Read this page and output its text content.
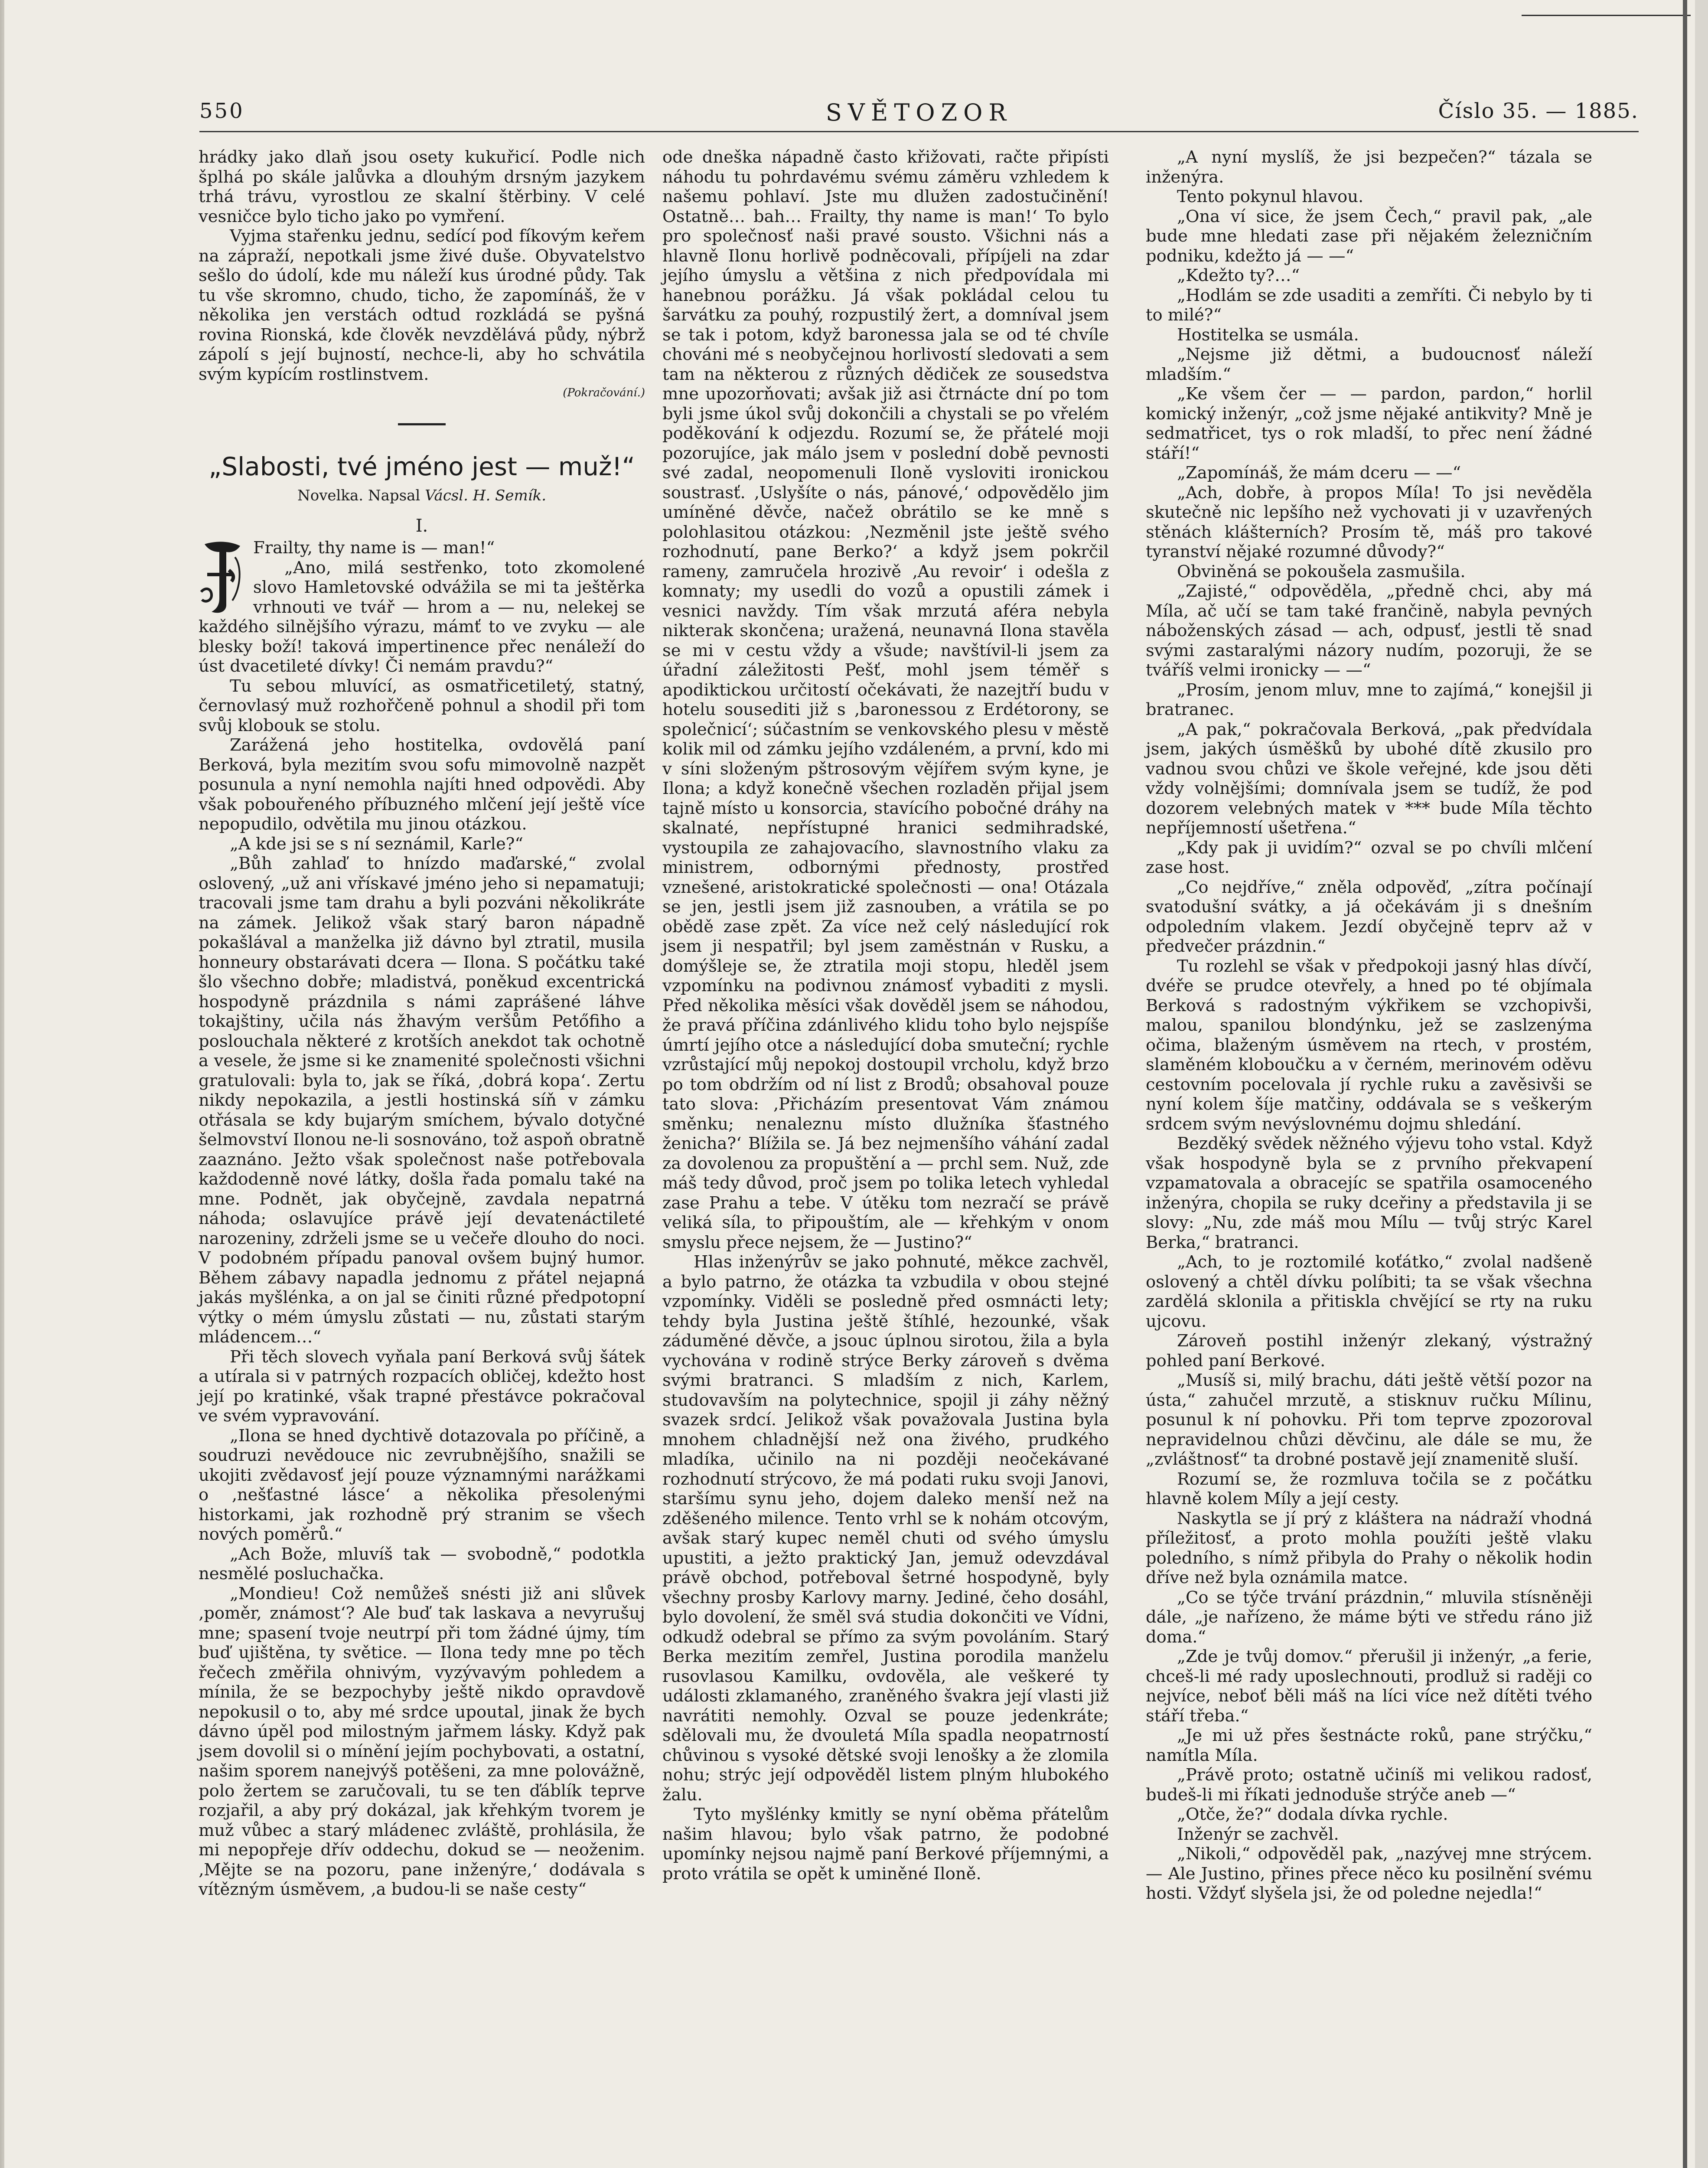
550	SVĚTOZOR	Číslo 35. — 1885.

hrádky jako dlaň jsou osety kukuřicí. Podle nich šplhá po skále jalůvka a dlouhým drsným jazykem trhá trávu, vyrostlou ze skalní štěrbiny. V celé vesničce bylo ticho jako po vymření.

Vyjma stařenku jednu, sedící pod fíkovým keřem na zápraží, nepotkali jsme živé duše. Obyvatelstvo sešlo do údolí, kde mu náleží kus úrodné půdy. Tak tu vše skromno, chudo, ticho, že zapomínáš, že v několika jen verstách odtud rozkládá se pyšná rovina Rionská, kde člověk nevzdělává půdy, nýbrž zápolí s její bujností, nechce-li, aby ho schvátila svým kypícím rostlinstvem.

(Pokračování.)
„Slabosti, tvé jméno jest — muž!“
Novelka. Napsal Vácsl. H. Semík.
I.

Frailty, thy name is — man!“

„Ano, milá sestřenko, toto zkomolené slovo Hamletovské odvážila se mi ta ještěrka vrhnouti ve tvář — hrom a — nu, nelekej se každého silnějšího výrazu, mámť to ve zvyku — ale blesky boží! taková impertinence přec nenáleží do úst dvacetileté dívky! Či nemám pravdu?“

Tu sebou mluvící, as osmatřicetiletý, statný, černovlasý muž rozhořčeně pohnul a shodil při tom svůj klobouk se stolu.

Zarážená jeho hostitelka, ovdovělá paní Berková, byla mezitím svou sofu mimovolně nazpět posunula a nyní nemohla najíti hned odpovědi. Aby však pobouřeného příbuzného mlčení její ještě více nepopudilo, odvětila mu jinou otázkou.

„A kde jsi se s ní seznámil, Karle?“

„Bůh zahlaď to hnízdo maďarské,“ zvolal oslovený, „už ani vřískavé jméno jeho si nepamatuji; tracovali jsme tam drahu a byli pozváni několikráte na zámek. Jelikož však starý baron nápadně pokašlával a manželka již dávno byl ztratil, musila honneury obstarávati dcera — Ilona. S počátku také šlo všechno dobře; mladistvá, poněkud excentrická hospodyně prázdnila s námi zaprášené láhve tokajštiny, učila nás žhavým veršům Petőfiho a poslouchala některé z krotších anekdot tak ochotně a vesele, že jsme si ke znamenité společnosti všichni gratulovali: byla to, jak se říká, ‚dobrá kopa‘. Zertu nikdy nepokazila, a jestli hostinská síň v zámku otřásala se kdy bujarým smíchem, bývalo dotyčné šelmovství Ilonou ne-li sosnováno, tož aspoň obratně zaaznáno. Ježto však společnost naše potřebovala každodenně nové látky, došla řada pomalu také na mne. Podnět, jak obyčejně, zavdala nepatrná náhoda; oslavujíce právě její devatenáctileté narozeniny, zdrželi jsme se u večeře dlouho do noci. V podobném případu panoval ovšem bujný humor. Během zábavy napadla jednomu z přátel nejapná jakás myšlénka, a on jal se činiti různé předpotopní výtky o mém úmyslu zůstati — nu, zůstati starým mládencem…“

Při těch slovech vyňala paní Berková svůj šátek a utírala si v patrných rozpacích obličej, kdežto host její po kratinké, však trapné přestávce pokračoval ve svém vypravování.

„Ilona se hned dychtivě dotazovala po příčině, a soudruzi nevědouce nic zevrubnějšího, snažili se ukojiti zvědavosť její pouze významnými narážkami o ‚nešťastné lásce‘ a několika přesolenými historkami, jak rozhodně prý stranim se všech nových poměrů.“

„Ach Bože, mluvíš tak — svobodně,“ podotkla nesmělé posluchačka.

„Mondieu! Což nemůžeš snésti již ani slůvek ‚poměr, známost‘? Ale buď tak laskava a nevyrušuj mne; spasení tvoje neutrpí při tom žádné újmy, tím buď ujištěna, ty světice. — Ilona tedy mne po těch řečech změřila ohnivým, vyzývavým pohledem a mínila, že se bezpochyby ještě nikdo opravdově nepokusil o to, aby mé srdce upoutal, jinak že bych dávno úpěl pod milostným jařmem lásky. Když pak jsem dovolil si o mínění jejím pochybovati, a ostatní, našim sporem nanejvýš potěšeni, za mne polovážně, polo žertem se zaručovali, tu se ten ďáblík teprve rozjařil, a aby prý dokázal, jak křehkým tvorem je muž vůbec a starý mládenec zvláště, prohlásila, že mi nepopřeje dřív oddechu, dokud se — neoženim. ‚Mějte se na pozoru, pane inženýre,‘ dodávala s vítězným úsměvem, ‚a budou-li se naše cesty“

ode dneška nápadně často křižovati, račte připísti náhodu tu pohrdavému svému záměru vzhledem k našemu pohlaví. Jste mu dlužen zadostučinění! Ostatně… bah… Frailty, thy name is man!‘ To bylo pro společnosť naši pravé sousto. Všichni nás a hlavně Ilonu horlivě podněcovali, přípíjeli na zdar jejího úmyslu a většina z nich předpovídala mi hanebnou porážku. Já však pokládal celou tu šarvátku za pouhý, rozpustilý žert, a domníval jsem se tak i potom, když baronessa jala se od té chvíle chováni mé s neobyčejnou horlivostí sledovati a sem tam na některou z různých dědiček ze sousedstva mne upozorňovati; avšak již asi čtrnácte dní po tom byli jsme úkol svůj dokončili a chystali se po vřelém poděkování k odjezdu. Rozumí se, že přátelé moji pozorujíce, jak málo jsem v poslední době pevnosti své zadal, neopomenuli Iloně vysloviti ironickou soustrasť. ‚Uslyšíte o nás, pánové,‘ odpovědělo jim umíněné děvče, načež obrátilo se ke mně s polohlasitou otázkou: ‚Nezměnil jste ještě svého rozhodnutí, pane Berko?‘ a když jsem pokrčil rameny, zamručela hrozivě ‚Au revoir‘ i odešla z komnaty; my usedli do vozů a opustili zámek i vesnici navždy. Tím však mrzutá aféra nebyla nikterak skončena; uražená, neunavná Ilona stavěla se mi v cestu vždy a všude; navštívil-li jsem za úřadní záležitosti Pešť, mohl jsem téměř s apodiktickou určitostí očekávati, že nazejtří budu v hotelu sousediti již s ‚baronessou z Erdétorony, se společnicí‘; súčastním se venkovského plesu v městě kolik mil od zámku jejího vzdáleném, a první, kdo mi v síni složeným pštrosovým vějířem svým kyne, je Ilona; a když konečně všechen rozladěn přijal jsem tajně místo u konsorcia, stavícího pobočné dráhy na skalnaté, nepřístupné hranici sedmihradské, vystoupila ze zahajovacího, slavnostního vlaku za ministrem, odbornými přednosty, prostřed vznešené, aristokratické společnosti — ona! Otázala se jen, jestli jsem již zasnouben, a vrátila se po obědě zase zpět. Za více než celý následující rok jsem ji nespatřil; byl jsem zaměstnán v Rusku, a domýšleje se, že ztratila moji stopu, hleděl jsem vzpomínku na podivnou známosť vybaditi z mysli. Před několika měsíci však dověděl jsem se náhodou, že pravá příčina zdánlivého klidu toho bylo nejspíše úmrtí jejího otce a následující doba smuteční; rychle vzrůstající můj nepokoj dostoupil vrcholu, když brzo po tom obdržím od ní list z Brodů; obsahoval pouze tato slova: ‚Přicházím presentovat Vám známou směnku; nenaleznu místo dlužníka šťastného ženicha?‘ Blížila se. Já bez nejmenšího váhání zadal za dovolenou za propuštění a — prchl sem. Nuž, zde máš tedy důvod, proč jsem po tolika letech vyhledal zase Prahu a tebe. V útěku tom nezračí se právě veliká síla, to připouštím, ale — křehkým v onom smyslu přece nejsem, že — Justino?“

Hlas inženýrův se jako pohnuté, měkce zachvěl, a bylo patrno, že otázka ta vzbudila v obou stejné vzpomínky. Viděli se posledně před osmnácti lety; tehdy byla Justina ještě štíhlé, hezounké, však záduměné děvče, a jsouc úplnou sirotou, žila a byla vychována v rodině strýce Berky zároveň s dvěma svými bratranci. S mladším z nich, Karlem, studovavším na polytechnice, spojil ji záhy něžný svazek srdcí. Jelikož však považovala Justina byla mnohem chladnější než ona živého, prudkého mladíka, učinilo na ni později neočekávané rozhodnutí strýcovo, že má podati ruku svoji Janovi, staršímu synu jeho, dojem daleko menší než na zděšeného milence. Tento vrhl se k nohám otcovým, avšak starý kupec neměl chuti od svého úmyslu upustiti, a ježto praktický Jan, jemuž odevzdával právě obchod, potřeboval šetrné hospodyně, byly všechny prosby Karlovy marny. Jediné, čeho dosáhl, bylo dovolení, že směl svá studia dokončiti ve Vídni, odkudž odebral se přímo za svým povoláním. Starý Berka mezitím zemřel, Justina porodila manželu rusovlasou Kamilku, ovdověla, ale veškeré ty události zklamaného, zraněného švakra její vlasti již navrátiti nemohly. Ozval se pouze jedenkráte; sdělovali mu, že dvouletá Míla spadla neopatrností chůvinou s vysoké dětské svoji lenošky a že zlomila nohu; strýc její odpověděl listem plným hlubokého žalu.

Tyto myšlénky kmitly se nyní oběma přátelům našim hlavou; bylo však patrno, že podobné upomínky nejsou najmě paní Berkové příjemnými, a proto vrátila se opět k uminěné Iloně.

„A nyní myslíš, že jsi bezpečen?“ tázala se inženýra.

Tento pokynul hlavou.

„Ona ví sice, že jsem Čech,“ pravil pak, „ale bude mne hledati zase při nějakém železničním podniku, kdežto já — —“

„Kdežto ty?…“

„Hodlám se zde usaditi a zemříti. Či nebylo by ti to milé?“

Hostitelka se usmála.

„Nejsme již dětmi, a budoucnosť náleží mladším.“

„Ke všem čer — — pardon, pardon,“ horlil komický inženýr, „což jsme nějaké antikvity? Mně je sedmatřicet, tys o rok mladší, to přec není žádné stáří!“

„Zapomínáš, že mám dceru — —“

„Ach, dobře, à propos Míla! To jsi nevěděla skutečně nic lepšího než vychovati ji v uzavřených stěnách klášterních? Prosím tě, máš pro takové tyranství nějaké rozumné důvody?“

Obviněná se pokoušela zasmušila.

„Zajisté,“ odpověděla, „předně chci, aby má Míla, ač učí se tam také frančině, nabyla pevných náboženských zásad — ach, odpusť, jestli tě snad svými zastaralými názory nudím, pozoruji, že se tváříš velmi ironicky — —“

„Prosím, jenom mluv, mne to zajímá,“ konejšil ji bratranec.

„A pak,“ pokračovala Berková, „pak předvídala jsem, jakých úsměšků by ubohé dítě zkusilo pro vadnou svou chůzi ve škole veřejné, kde jsou děti vždy volnějšími; domnívala jsem se tudíž, že pod dozorem velebných matek v *** bude Míla těchto nepříjemností ušetřena.“

„Kdy pak ji uvidím?“ ozval se po chvíli mlčení zase host.

„Co nejdříve,“ zněla odpověď, „zítra počínají svatodušní svátky, a já očekávám ji s dnešním odpoledním vlakem. Jezdí obyčejně teprv až v předvečer prázdnin.“

Tu rozlehl se však v předpokoji jasný hlas dívčí, dvéře se prudce otevřely, a hned po té objímala Berková s radostným výkřikem se vzchopivši, malou, spanilou blondýnku, jež se zaslzenýma očima, blaženým úsměvem na rtech, v prostém, slaměném kloboučku a v černém, merinovém oděvu cestovním pocelovala jí rychle ruku a zavěsivši se nyní kolem šíje matčiny, oddávala se s veškerým srdcem svým nevýslovnému dojmu shledání.

Bezděký svědek něžného výjevu toho vstal. Když však hospodyně byla se z prvního překvapení vzpamatovala a obracejíc se spatřila osamoceného inženýra, chopila se ruky dceřiny a představila ji se slovy: „Nu, zde máš mou Mílu — tvůj strýc Karel Berka,“ bratranci.

„Ach, to je roztomilé koťátko,“ zvolal nadšeně oslovený a chtěl dívku políbiti; ta se však všechna zardělá sklonila a přitiskla chvějící se rty na ruku ujcovu.

Zároveň postihl inženýr zlekaný, výstražný pohled paní Berkové.

„Musíš si, milý brachu, dáti ještě větší pozor na ústa,“ zahučel mrzutě, a stisknuv ručku Mílinu, posunul k ní pohovku. Při tom teprve zpozoroval nepravidelnou chůzi děvčinu, ale dále se mu, že „zvláštnosť“ ta drobné postavě její znamenitě sluší.

Rozumí se, že rozmluva točila se z počátku hlavně kolem Míly a její cesty.

Naskytla se jí prý z kláštera na nádraží vhodná příležitosť, a proto mohla použíti ještě vlaku poledního, s nímž přibyla do Prahy o několik hodin dříve než byla oznámila matce.

„Co se týče trvání prázdnin,“ mluvila stísněněji dále, „je nařízeno, že máme býti ve středu ráno již doma.“

„Zde je tvůj domov.“ přerušil ji inženýr, „a ferie, chceš-li mé rady uposlechnouti, prodluž si raději co nejvíce, neboť běli máš na líci více než dítěti tvého stáří třeba.“

„Je mi už přes šestnácte roků, pane strýčku,“ namítla Míla.

„Právě proto; ostatně učiníš mi velikou radosť, budeš-li mi říkati jednoduše strýče aneb —“

„Otče, že?“ dodala dívka rychle.

Inženýr se zachvěl.

„Nikoli,“ odpověděl pak, „nazývej mne strýcem. — Ale Justino, přines přece něco ku posilnění svému hosti. Vždyť slyšela jsi, že od poledne nejedla!“
